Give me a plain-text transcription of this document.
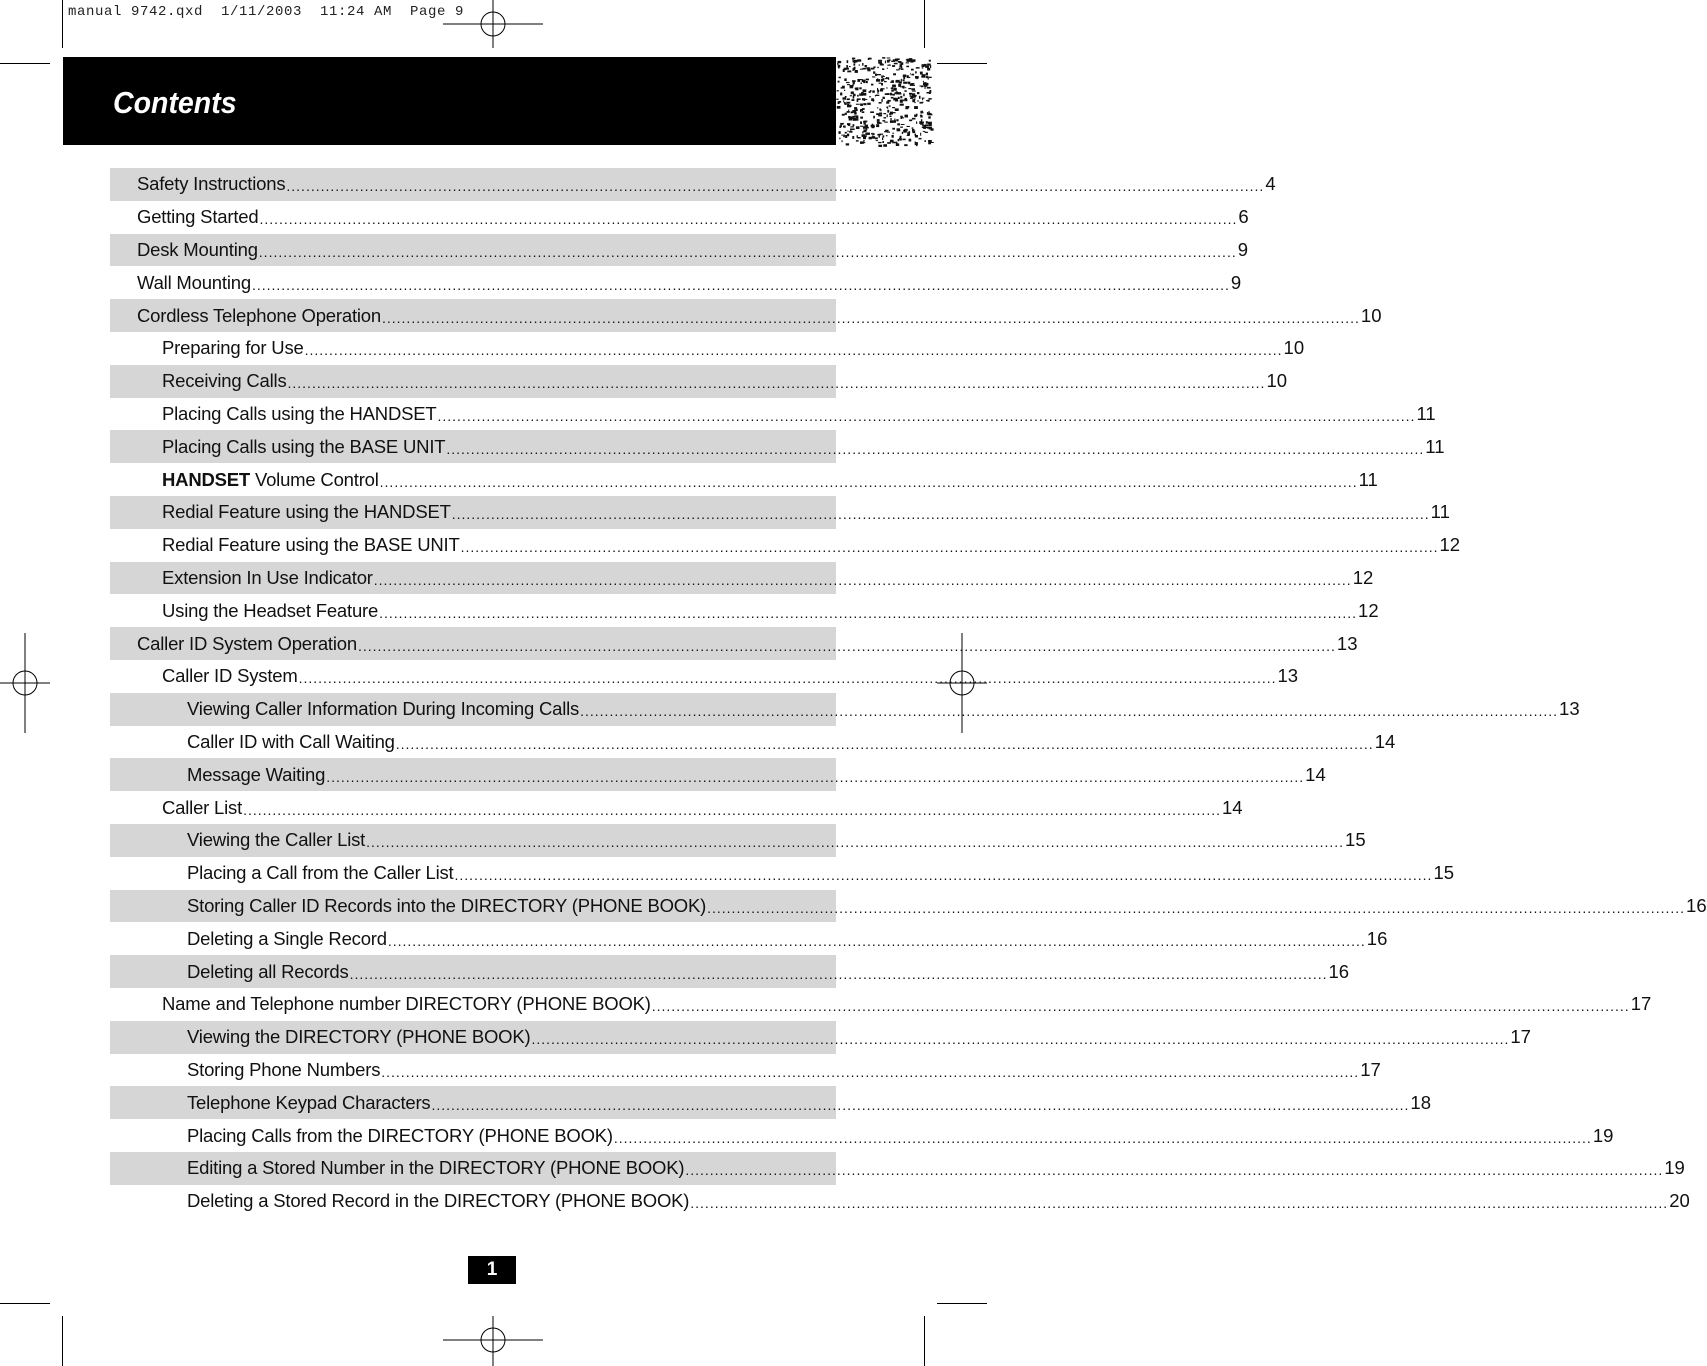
manual 9742.qxd  1/11/2003  11:24 AM  Page 9
Contents
Safety Instructions ........................................................................................................................................................................................................ 4
Getting Started ........................................................................................................................................................................................................ 6
Desk Mounting ........................................................................................................................................................................................................ 9
Wall Mounting ........................................................................................................................................................................................................ 9
Cordless Telephone Operation ........................................................................................................................................................................................................ 10
Preparing for Use ........................................................................................................................................................................................................ 10
Receiving Calls ........................................................................................................................................................................................................ 10
Placing Calls using the HANDSET ........................................................................................................................................................................................................ 11
Placing Calls using the BASE UNIT ........................................................................................................................................................................................................ 11
HANDSET Volume Control ........................................................................................................................................................................................................ 11
Redial Feature using the HANDSET ........................................................................................................................................................................................................ 11
Redial Feature using the BASE UNIT ........................................................................................................................................................................................................ 12
Extension In Use Indicator ........................................................................................................................................................................................................ 12
Using the Headset Feature ........................................................................................................................................................................................................ 12
Caller ID System Operation ........................................................................................................................................................................................................ 13
Caller ID System ........................................................................................................................................................................................................ 13
Viewing Caller Information During Incoming Calls ........................................................................................................................................................................................................ 13
Caller ID with Call Waiting ........................................................................................................................................................................................................ 14
Message Waiting ........................................................................................................................................................................................................ 14
Caller List ........................................................................................................................................................................................................ 14
Viewing the Caller List ........................................................................................................................................................................................................ 15
Placing a Call from the Caller List ........................................................................................................................................................................................................ 15
Storing Caller ID Records into the DIRECTORY (PHONE BOOK) ........................................................................................................................................................................................................ 16
Deleting a Single Record ........................................................................................................................................................................................................ 16
Deleting all Records ........................................................................................................................................................................................................ 16
Name and Telephone number DIRECTORY (PHONE BOOK) ........................................................................................................................................................................................................ 17
Viewing the DIRECTORY (PHONE BOOK) ........................................................................................................................................................................................................ 17
Storing Phone Numbers ........................................................................................................................................................................................................ 17
Telephone Keypad Characters ........................................................................................................................................................................................................ 18
Placing Calls from the DIRECTORY (PHONE BOOK) ........................................................................................................................................................................................................ 19
Editing a Stored Number in the DIRECTORY (PHONE BOOK) ........................................................................................................................................................................................................ 19
Deleting a Stored Record in the DIRECTORY (PHONE BOOK) ........................................................................................................................................................................................................ 20
1
